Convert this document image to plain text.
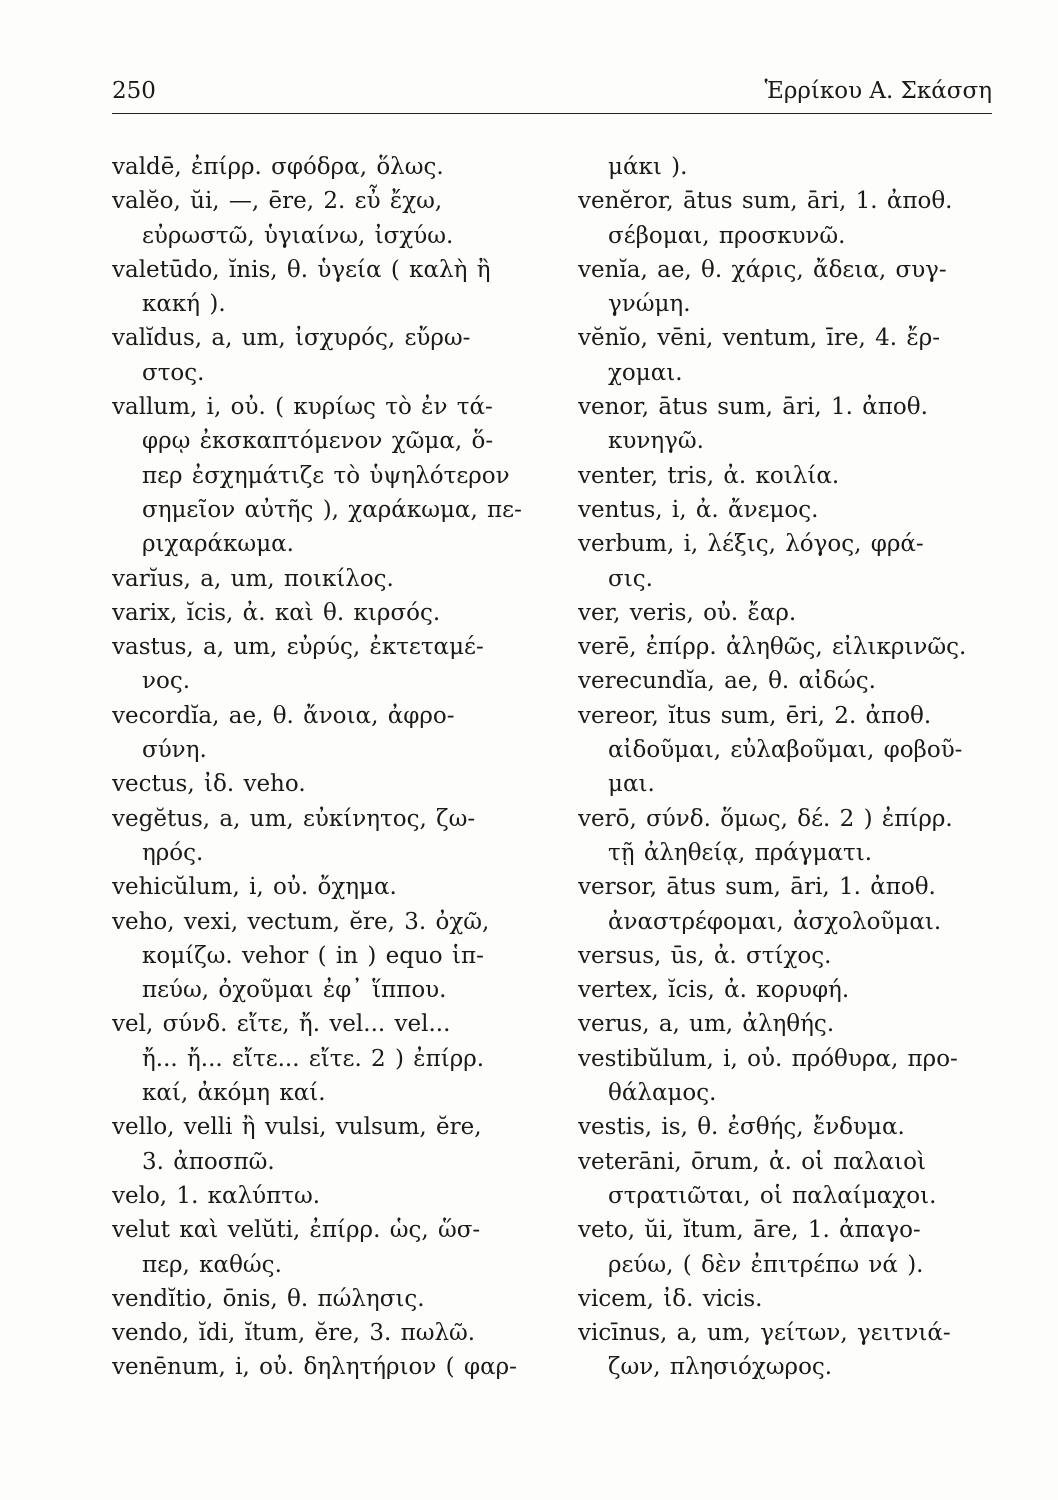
250	Ἑρρίκου Α. Σκάσση
valdē, ἐπίρρ. σφόδρα, ὅλως.
valĕo, ŭi, —, ēre, 2. εὖ ἔχω,
εὐρωστῶ, ὑγιαίνω, ἰσχύω.
valetūdo, ĭnis, θ. ὑγεία ( καλὴ ἢ
κακή ).
valĭdus, a, um, ἰσχυρός, εὔρω-
στος.
vallum, i, οὐ. ( κυρίως τὸ ἐν τά-
φρῳ ἐκσκαπτόμενον χῶμα, ὅ-
περ ἐσχημάτιζε τὸ ὑψηλότερον
σημεῖον αὐτῆς ), χαράκωμα, πε-
ριχαράκωμα.
varĭus, a, um, ποικίλος.
varix, ĭcis, ἀ. καὶ θ. κιρσός.
vastus, a, um, εὐρύς, ἐκτεταμέ-
νος.
vecordĭa, ae, θ. ἄνοια, ἀφρο-
σύνη.
vectus, ἰδ. veho.
vegĕtus, a, um, εὐκίνητος, ζω-
ηρός.
vehicŭlum, i, οὐ. ὄχημα.
veho, vexi, vectum, ĕre, 3. ὀχῶ,
κομίζω. vehor ( in ) equo ἱπ-
πεύω, ὀχοῦμαι ἐφ᾽ ἵππου.
vel, σύνδ. εἴτε, ἤ. vel... vel...
ἤ... ἤ... εἴτε... εἴτε. 2 ) ἐπίρρ.
καί, ἀκόμη καί.
vello, velli ἢ vulsi, vulsum, ĕre,
3. ἀποσπῶ.
velo, 1. καλύπτω.
velut καὶ velŭti, ἐπίρρ. ὡς, ὥσ-
περ, καθώς.
vendĭtio, ōnis, θ. πώλησις.
vendo, ĭdi, ĭtum, ĕre, 3. πωλῶ.
venēnum, i, οὐ. δηλητήριον ( φαρ-
μάκι ).
venĕror, ātus sum, āri, 1. ἀποθ.
σέβομαι, προσκυνῶ.
venĭa, ae, θ. χάρις, ἄδεια, συγ-
γνώμη.
vĕnĭo, vēni, ventum, īre, 4. ἔρ-
χομαι.
venor, ātus sum, āri, 1. ἀποθ.
κυνηγῶ.
venter, tris, ἀ. κοιλία.
ventus, i, ἀ. ἄνεμος.
verbum, i, λέξις, λόγος, φρά-
σις.
ver, veris, οὐ. ἔαρ.
verē, ἐπίρρ. ἀληθῶς, εἰλικρινῶς.
verecundĭa, ae, θ. αἰδώς.
vereor, ĭtus sum, ēri, 2. ἀποθ.
αἰδοῦμαι, εὐλαβοῦμαι, φοβοῦ-
μαι.
verō, σύνδ. ὅμως, δέ. 2 ) ἐπίρρ.
τῇ ἀληθείᾳ, πράγματι.
versor, ātus sum, āri, 1. ἀποθ.
ἀναστρέφομαι, ἀσχολοῦμαι.
versus, ūs, ἀ. στίχος.
vertex, ĭcis, ἀ. κορυφή.
verus, a, um, ἀληθής.
vestibŭlum, i, οὐ. πρόθυρα, προ-
θάλαμος.
vestis, is, θ. ἐσθής, ἔνδυμα.
veterāni, ōrum, ἀ. οἱ παλαιοὶ
στρατιῶται, οἱ παλαίμαχοι.
veto, ŭi, ĭtum, āre, 1. ἀπαγο-
ρεύω, ( δὲν ἐπιτρέπω νά ).
vicem, ἰδ. vicis.
vicīnus, a, um, γείτων, γειτνιά-
ζων, πλησιόχωρος.
